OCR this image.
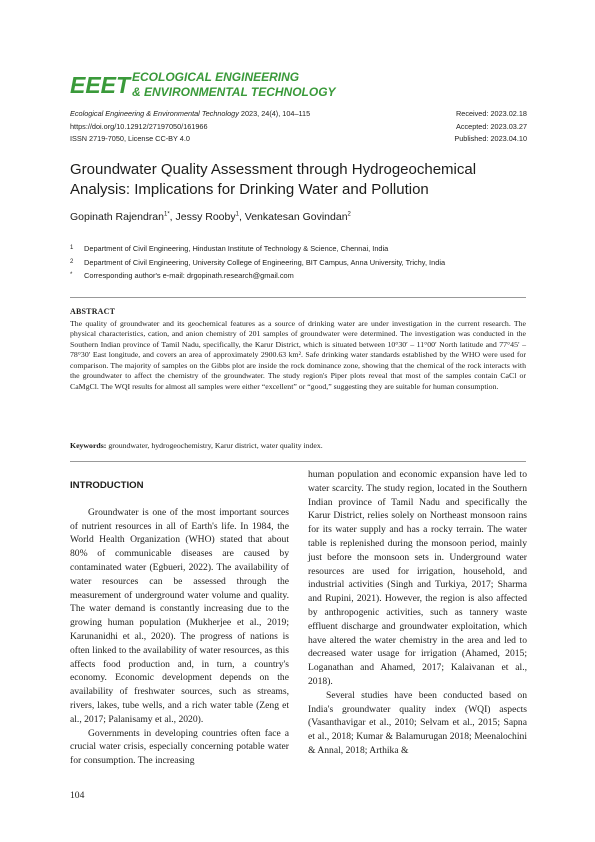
EEET ECOLOGICAL ENGINEERING
& ENVIRONMENTAL TECHNOLOGY
Ecological Engineering & Environmental Technology 2023, 24(4), 104–115
https://doi.org/10.12912/27197050/161966
ISSN 2719-7050, License CC-BY 4.0
Received: 2023.02.18
Accepted: 2023.03.27
Published: 2023.04.10
Groundwater Quality Assessment through Hydrogeochemical Analysis: Implications for Drinking Water and Pollution
Gopinath Rajendran$^{1*}$, Jessy Rooby$^1$, Venkatesan Govindan$^2$
1 Department of Civil Engineering, Hindustan Institute of Technology & Science, Chennai, India
2 Department of Civil Engineering, University College of Engineering, BIT Campus, Anna University, Trichy, India
* Corresponding author's e-mail: drgopinath.research@gmail.com
ABSTRACT
The quality of groundwater and its geochemical features as a source of drinking water are under investigation in the current research. The physical characteristics, cation, and anion chemistry of 201 samples of groundwater were determined. The investigation was conducted in the Southern Indian province of Tamil Nadu, specifically, the Karur District, which is situated between 10°30′ – 11°00′ North latitude and 77°45′ – 78°30′ East longitude, and covers an area of approximately 2900.63 km². Safe drinking water standards established by the WHO were used for comparison. The majority of samples on the Gibbs plot are inside the rock dominance zone, showing that the chemical of the rock interacts with the groundwater to affect the chemistry of the groundwater. The study region's Piper plots reveal that most of the samples contain CaCl or CaMgCl. The WQI results for almost all samples were either “excellent” or “good,” suggesting they are suitable for human consumption.
Keywords: groundwater, hydrogeochemistry, Karur district, water quality index.
INTRODUCTION

Groundwater is one of the most important sources of nutrient resources in all of Earth's life. In 1984, the World Health Organization (WHO) stated that about 80% of communicable diseases are caused by contaminated water (Egbueri, 2022). The availability of water resources can be assessed through the measurement of underground water volume and quality. The water demand is constantly increasing due to the growing human population (Mukherjee et al., 2019; Karunanidhi et al., 2020). The progress of nations is often linked to the availability of water resources, as this affects food production and, in turn, a country's economy. Economic development depends on the availability of freshwater sources, such as streams, rivers, lakes, tube wells, and a rich water table (Zeng et al., 2017; Palanisamy et al., 2020).

Governments in developing countries often face a crucial water crisis, especially concerning potable water for consumption. The increasing

human population and economic expansion have led to water scarcity. The study region, located in the Southern Indian province of Tamil Nadu and specifically the Karur District, relies solely on Northeast monsoon rains for its water supply and has a rocky terrain. The water table is replenished during the monsoon period, mainly just before the monsoon sets in. Underground water resources are used for irrigation, household, and industrial activities (Singh and Turkiya, 2017; Sharma and Rupini, 2021). However, the region is also affected by anthropogenic activities, such as tannery waste effluent discharge and groundwater exploitation, which have altered the water chemistry in the area and led to decreased water usage for irrigation (Ahamed, 2015; Loganathan and Ahamed, 2017; Kalaivanan et al., 2018).

Several studies have been conducted based on India's groundwater quality index (WQI) aspects (Vasanthavigar et al., 2010; Selvam et al., 2015; Sapna et al., 2018; Kumar & Balamurugan 2018; Meenalochini & Annal, 2018; Arthika &

104
